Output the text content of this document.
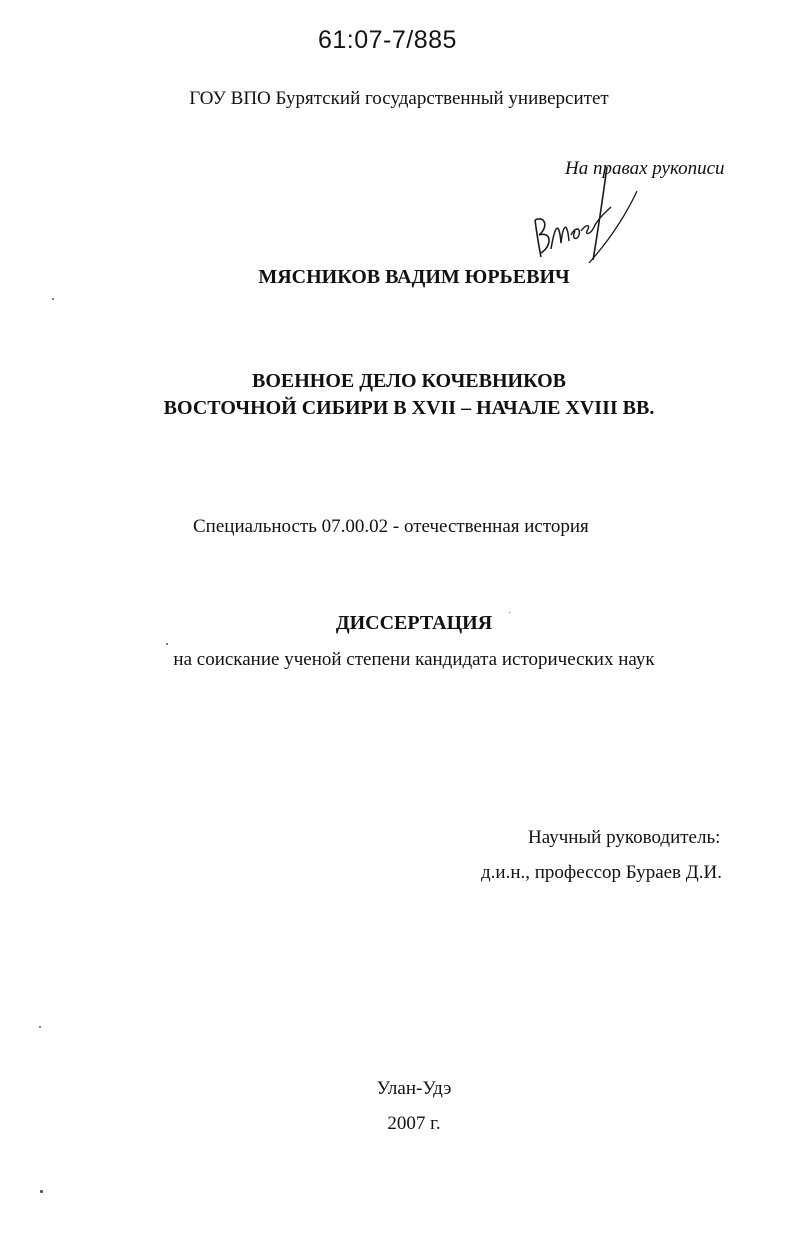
61:07-7/885
ГОУ ВПО Бурятский государственный университет
На правах рукописи
МЯСНИКОВ ВАДИМ ЮРЬЕВИЧ
ВОЕННОЕ ДЕЛО КОЧЕВНИКОВ
ВОСТОЧНОЙ СИБИРИ В XVII – НАЧАЛЕ XVIII ВВ.
Специальность 07.00.02 - отечественная история
ДИССЕРТАЦИЯ
на соискание ученой степени кандидата исторических наук
Научный руководитель:
д.и.н., профессор Бураев Д.И.
Улан-Удэ
2007 г.
